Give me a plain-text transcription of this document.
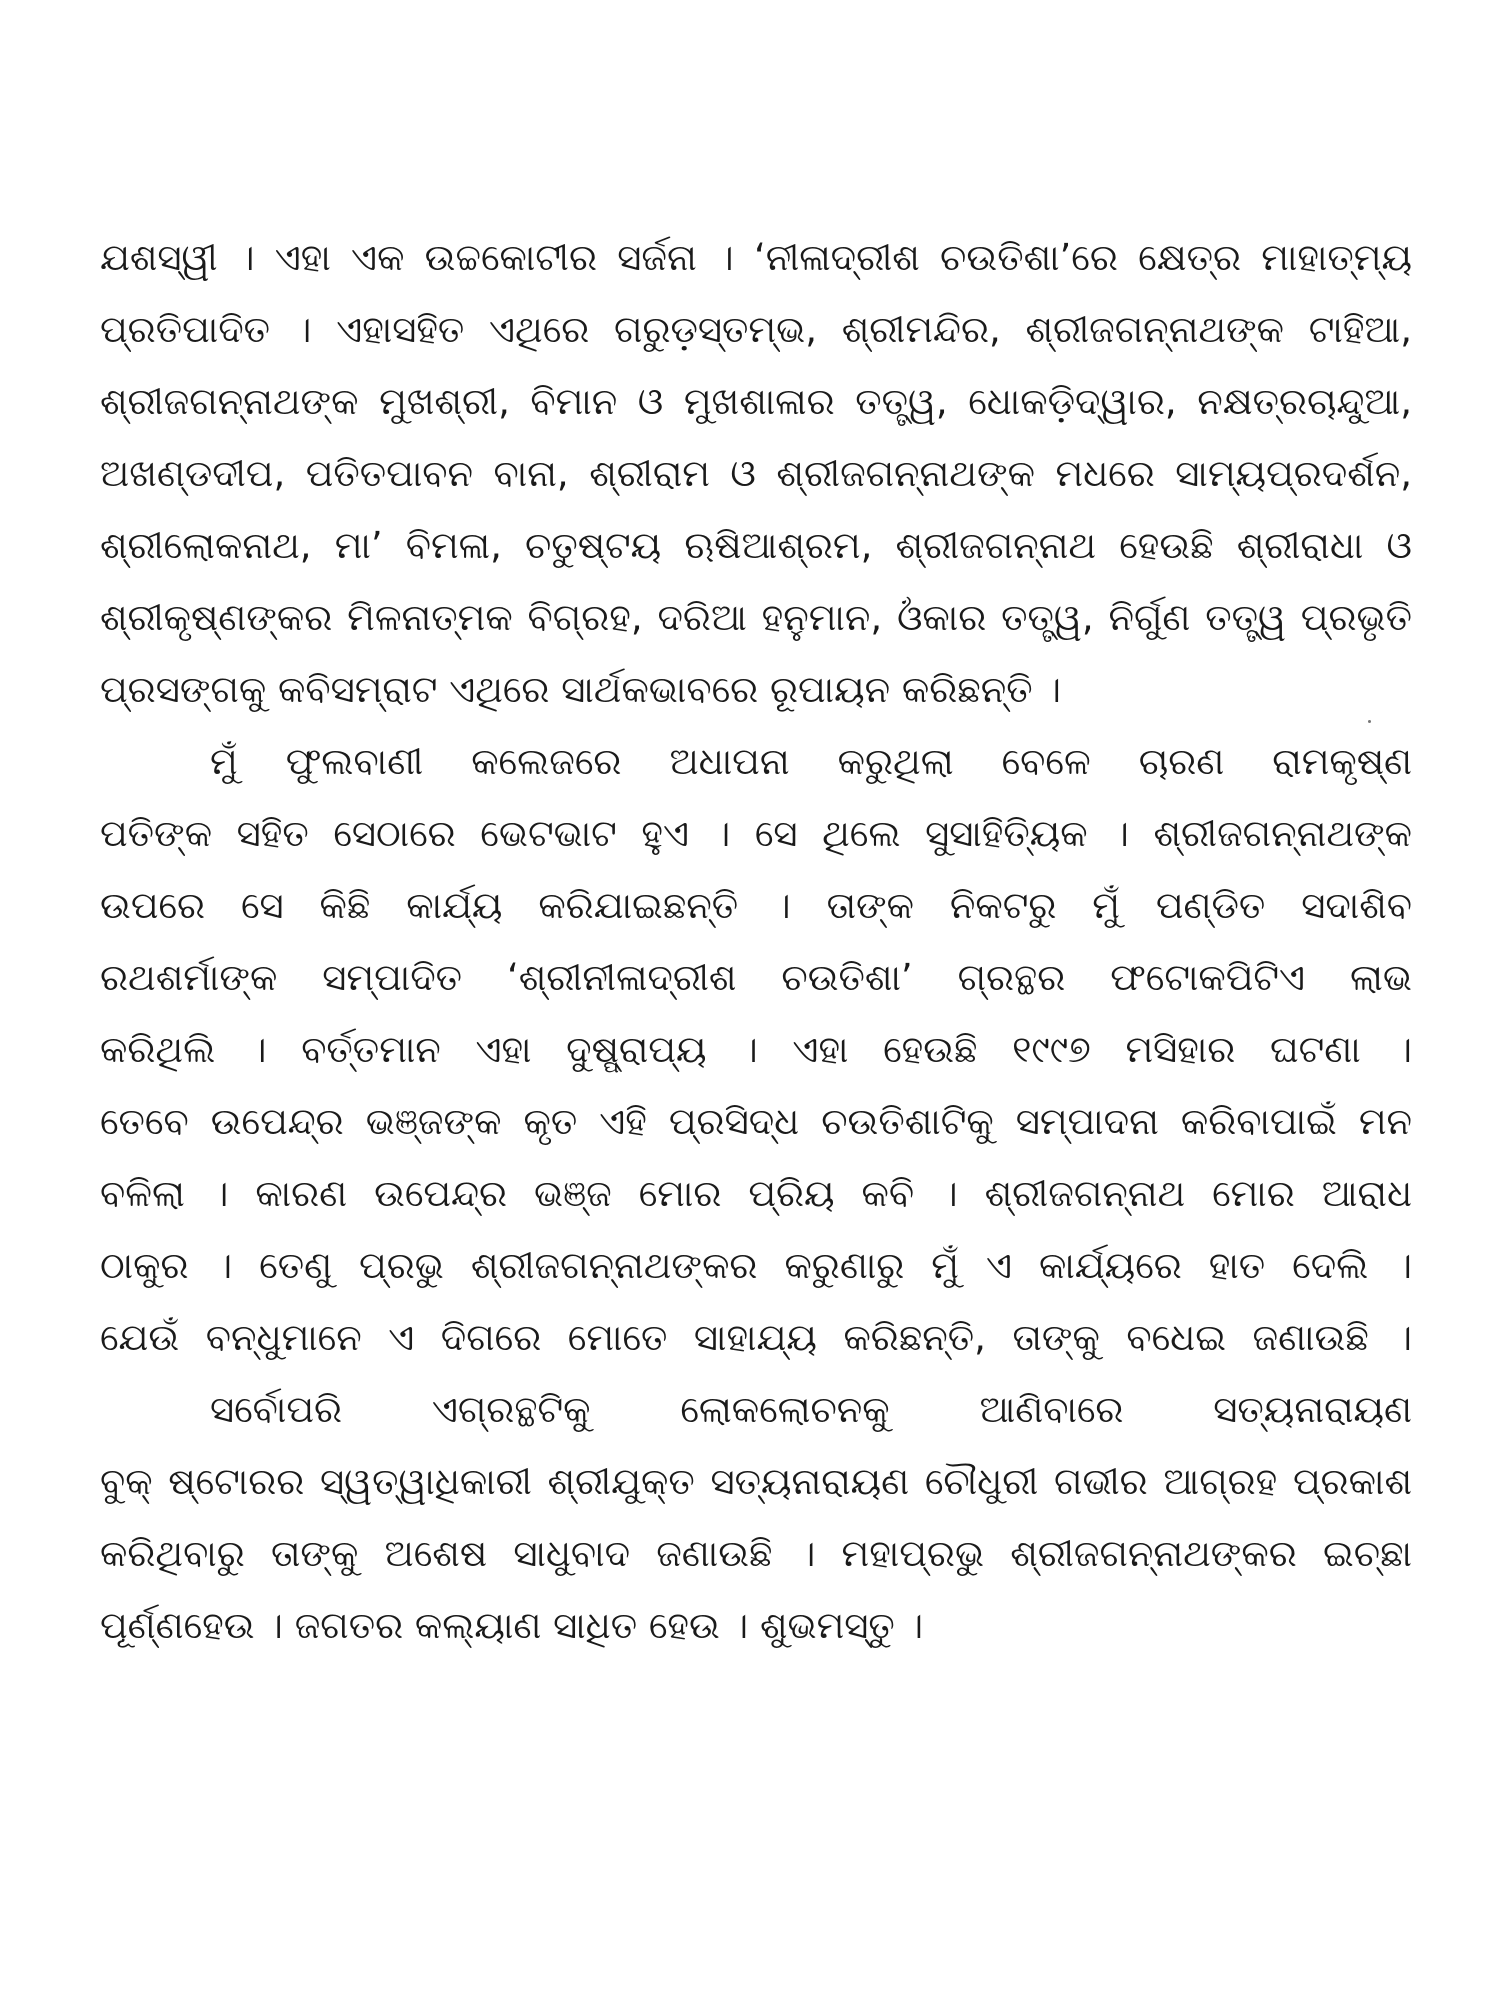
ଯଶସ୍ୱୀ । ଏହା ଏକ ଉଚ୍ଚକୋଟୀର ସର୍ଜନା । ‘ନୀଳାଦ୍ରୀଶ ଚଉତିଶା’ରେ କ୍ଷେତ୍ର ମାହାତ୍ମ୍ୟ
ପ୍ରତିପାଦିତ । ଏହାସହିତ ଏଥିରେ ଗରୁଡ଼ସ୍ତମ୍ଭ, ଶ୍ରୀମନ୍ଦିର, ଶ୍ରୀଜଗନ୍ନାଥଙ୍କ ଟାହିଆ,
ଶ୍ରୀଜଗନ୍ନାଥଙ୍କ ମୁଖଶ୍ରୀ, ବିମାନ ଓ ମୁଖଶାଳାର ତତ୍ତ୍ୱ, ଧୋକଡ଼ିଦ୍ୱାର, ନକ୍ଷତ୍ରଚାନ୍ଦୁଆ,
ଅଖଣ୍ଡଦୀପ, ପତିତପାବନ ବାନା, ଶ୍ରୀରାମ ଓ ଶ୍ରୀଜଗନ୍ନାଥଙ୍କ ମଧରେ ସାମ୍ୟପ୍ରଦର୍ଶନ,
ଶ୍ରୀଲୋକନାଥ, ମା’ ବିମଳା, ଚତୁଷ୍ଟୟ ଋଷିଆଶ୍ରମ, ଶ୍ରୀଜଗନ୍ନାଥ ହେଉଛି ଶ୍ରୀରାଧା ଓ
ଶ୍ରୀକୃଷ୍ଣଙ୍କର ମିଳନାତ୍ମକ ବିଗ୍ରହ, ଦରିଆ ହନୁମାନ, ଓଁକାର ତତ୍ତ୍ୱ, ନିର୍ଗୁଣ ତତ୍ତ୍ୱ ପ୍ରଭୃତି
ପ୍ରସଙ୍ଗକୁ କବିସମ୍ରାଟ ଏଥିରେ ସାର୍ଥକଭାବରେ ରୂପାୟନ କରିଛନ୍ତି ।
ମୁଁ ଫୁଲବାଣୀ କଲେଜରେ ଅଧାପନା କରୁଥିଲା ବେଳେ ଚାରଣ ରାମକୃଷ୍ଣ
ପତିଙ୍କ ସହିତ ସେଠାରେ ଭେଟଭାଟ ହୁଏ । ସେ ଥିଲେ ସୁସାହିତ୍ୟିକ । ଶ୍ରୀଜଗନ୍ନାଥଙ୍କ
ଉପରେ ସେ କିଛି କାର୍ଯ୍ୟ କରିଯାଇଛନ୍ତି । ତାଙ୍କ ନିକଟରୁ ମୁଁ ପଣ୍ଡିତ ସଦାଶିବ
ରଥଶର୍ମାଙ୍କ ସମ୍ପାଦିତ ‘ଶ୍ରୀନୀଳାଦ୍ରୀଶ ଚଉତିଶା’ ଗ୍ରନ୍ଥର ଫଟୋକପିଟିଏ ଲାଭ
କରିଥିଲି । ବର୍ତ୍ତମାନ ଏହା ଦୁଷ୍ପ୍ରାପ୍ୟ । ଏହା ହେଉଛି ୧୯୯୭ ମସିହାର ଘଟଣା ।
ତେବେ ଉପେନ୍ଦ୍ର ଭଞ୍ଜଙ୍କ କୃତ ଏହି ପ୍ରସିଦ୍ଧ ଚଉତିଶାଟିକୁ ସମ୍ପାଦନା କରିବାପାଇଁ ମନ
ବଳିଲା । କାରଣ ଉପେନ୍ଦ୍ର ଭଞ୍ଜ ମୋର ପ୍ରିୟ କବି । ଶ୍ରୀଜଗନ୍ନାଥ ମୋର ଆରାଧ
ଠାକୁର । ତେଣୁ ପ୍ରଭୁ ଶ୍ରୀଜଗନ୍ନାଥଙ୍କର କରୁଣାରୁ ମୁଁ ଏ କାର୍ଯ୍ୟରେ ହାତ ଦେଲି ।
ଯେଉଁ ବନ୍ଧୁମାନେ ଏ ଦିଗରେ ମୋତେ ସାହାଯ୍ୟ କରିଛନ୍ତି, ତାଙ୍କୁ ବଧେଇ ଜଣାଉଛି ।
ସର୍ବୋପରି ଏଗ୍ରନ୍ଥଟିକୁ ଲୋକଲୋଚନକୁ ଆଣିବାରେ ସତ୍ୟନାରାୟଣ
ବୁକ୍ ଷ୍ଟୋରର ସ୍ୱତ୍ୱାଧିକାରୀ ଶ୍ରୀଯୁକ୍ତ ସତ୍ୟନାରାୟଣ ଚୌଧୁରୀ ଗଭୀର ଆଗ୍ରହ ପ୍ରକାଶ
କରିଥିବାରୁ ତାଙ୍କୁ ଅଶେଷ ସାଧୁବାଦ ଜଣାଉଛି । ମହାପ୍ରଭୁ ଶ୍ରୀଜଗନ୍ନାଥଙ୍କର ଇଚ୍ଛା
ପୂର୍ଣ୍ଣହେଉ । ଜଗତର କଲ୍ୟାଣ ସାଧିତ ହେଉ । ଶୁଭମସ୍ତୁ ।
